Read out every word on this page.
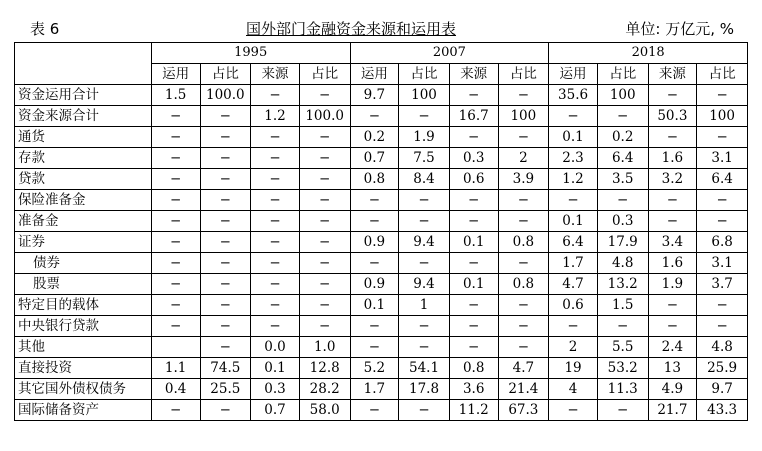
表 6	国外部门金融资金来源和运用表	单位: 万亿元, %
	1995				2007				2018			
	运用	占比	来源	占比	运用	占比	来源	占比	运用	占比	来源	占比
资金运用合计	1.5	100.0	−	−	9.7	100	−	−	35.6	100	−	−
资金来源合计	−	−	1.2	100.0	−	−	16.7	100	−	−	50.3	100
通货	−	−	−	−	0.2	1.9	−	−	0.1	0.2	−	−
存款	−	−	−	−	0.7	7.5	0.3	2	2.3	6.4	1.6	3.1
贷款	−	−	−	−	0.8	8.4	0.6	3.9	1.2	3.5	3.2	6.4
保险准备金	−	−	−	−	−	−	−	−	−	−	−	−
准备金	−	−	−	−	−	−	−	−	0.1	0.3	−	−
证券	−	−	−	−	0.9	9.4	0.1	0.8	6.4	17.9	3.4	6.8
债券	−	−	−	−	−	−	−	−	1.7	4.8	1.6	3.1
股票	−	−	−	−	0.9	9.4	0.1	0.8	4.7	13.2	1.9	3.7
特定目的载体	−	−	−	−	0.1	1	−	−	0.6	1.5	−	−
中央银行贷款	−	−	−	−	−	−	−	−	−	−	−	−
其他		−	0.0	1.0	−	−	−	−	2	5.5	2.4	4.8
直接投资	1.1	74.5	0.1	12.8	5.2	54.1	0.8	4.7	19	53.2	13	25.9
其它国外债权债务	0.4	25.5	0.3	28.2	1.7	17.8	3.6	21.4	4	11.3	4.9	9.7
国际储备资产	−	−	0.7	58.0	−	−	11.2	67.3	−	−	21.7	43.3
